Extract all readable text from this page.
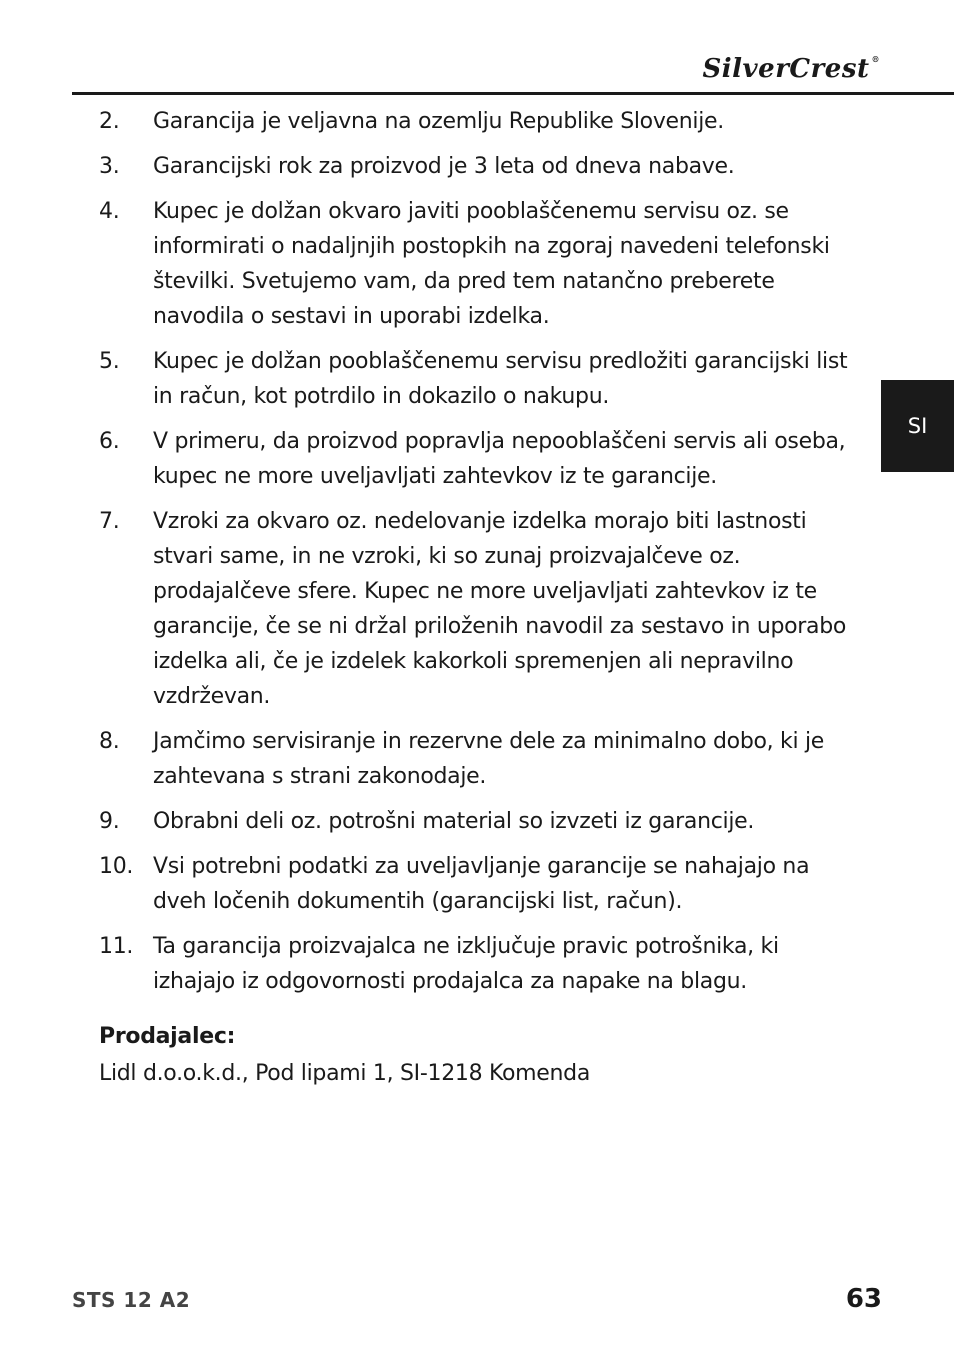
SilverCrest ®
SI
2.	Garancija je veljavna na ozemlju Republike Slovenije.
3.	Garancijski rok za proizvod je 3 leta od dneva nabave.
4.	Kupec je dolžan okvaro javiti pooblaščenemu servisu oz. se informirati o nadaljnjih postopkih na zgoraj navedeni telefonski številki. Svetujemo vam, da pred tem natančno preberete navodila o sestavi in uporabi izdelka.
5.	Kupec je dolžan pooblaščenemu servisu predložiti garancijski list in račun, kot potrdilo in dokazilo o nakupu.
6.	V primeru, da proizvod popravlja nepooblaščeni servis ali oseba, kupec ne more uveljavljati zahtevkov iz te garancije.
7.	Vzroki za okvaro oz. nedelovanje izdelka morajo biti lastnosti stvari same, in ne vzroki, ki so zunaj proizvajalčeve oz. prodajalčeve sfere. Kupec ne more uveljavljati zahtevkov iz te garancije, če se ni držal priloženih navodil za sestavo in uporabo izdelka ali, če je izdelek kakorkoli spremenjen ali nepravilno vzdrževan.
8.	Jamčimo servisiranje in rezervne dele za minimalno dobo, ki je zahtevana s strani zakonodaje.
9.	Obrabni deli oz. potrošni material so izvzeti iz garancije.
10. Vsi potrebni podatki za uveljavljanje garancije se nahajajo na dveh ločenih dokumentih (garancijski list, račun).
11. Ta garancija proizvajalca ne izključuje pravic potrošnika, ki izhajajo iz odgovornosti prodajalca za napake na blagu.
Prodajalec:
Lidl d.o.o.k.d., Pod lipami 1, SI-1218 Komenda
STS 12 A2	63
